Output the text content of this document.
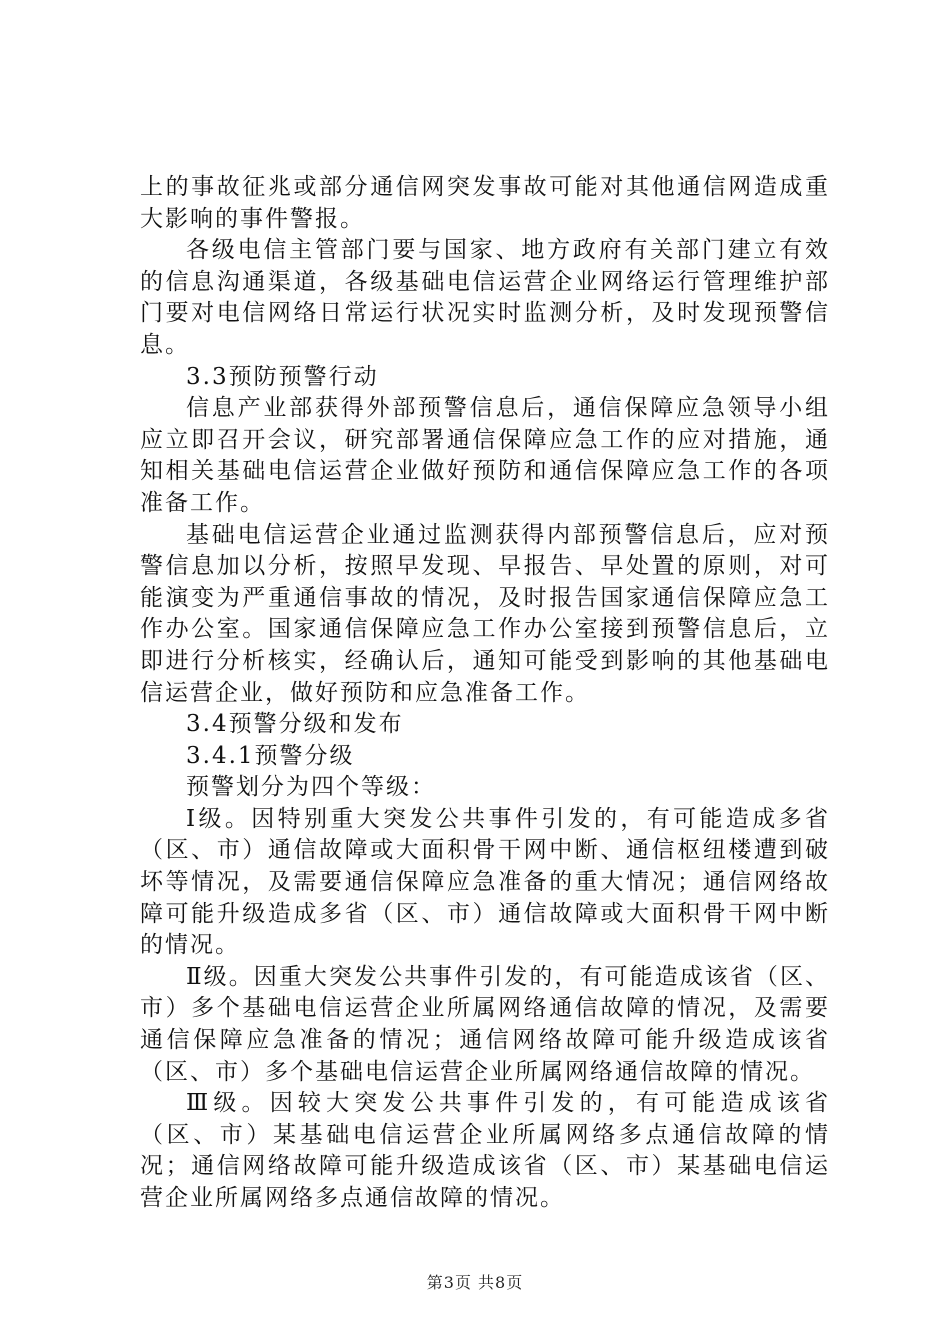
上的事故征兆或部分通信网突发事故可能对其他通信网造成重大影响的事件警报。

各级电信主管部门要与国家、地方政府有关部门建立有效的信息沟通渠道，各级基础电信运营企业网络运行管理维护部门要对电信网络日常运行状况实时监测分析，及时发现预警信息。

3.3预防预警行动

信息产业部获得外部预警信息后，通信保障应急领导小组应立即召开会议，研究部署通信保障应急工作的应对措施，通知相关基础电信运营企业做好预防和通信保障应急工作的各项准备工作。

基础电信运营企业通过监测获得内部预警信息后，应对预警信息加以分析，按照早发现、早报告、早处置的原则，对可能演变为严重通信事故的情况，及时报告国家通信保障应急工作办公室。国家通信保障应急工作办公室接到预警信息后，立即进行分析核实，经确认后，通知可能受到影响的其他基础电信运营企业，做好预防和应急准备工作。

3.4预警分级和发布

3.4.1预警分级

预警划分为四个等级：

Ⅰ级。因特别重大突发公共事件引发的，有可能造成多省（区、市）通信故障或大面积骨干网中断、通信枢纽楼遭到破坏等情况，及需要通信保障应急准备的重大情况；通信网络故障可能升级造成多省（区、市）通信故障或大面积骨干网中断的情况。

Ⅱ级。因重大突发公共事件引发的，有可能造成该省（区、市）多个基础电信运营企业所属网络通信故障的情况，及需要通信保障应急准备的情况；通信网络故障可能升级造成该省（区、市）多个基础电信运营企业所属网络通信故障的情况。

Ⅲ级。因较大突发公共事件引发的，有可能造成该省（区、市）某基础电信运营企业所属网络多点通信故障的情况；通信网络故障可能升级造成该省（区、市）某基础电信运营企业所属网络多点通信故障的情况。

第3页 共8页
